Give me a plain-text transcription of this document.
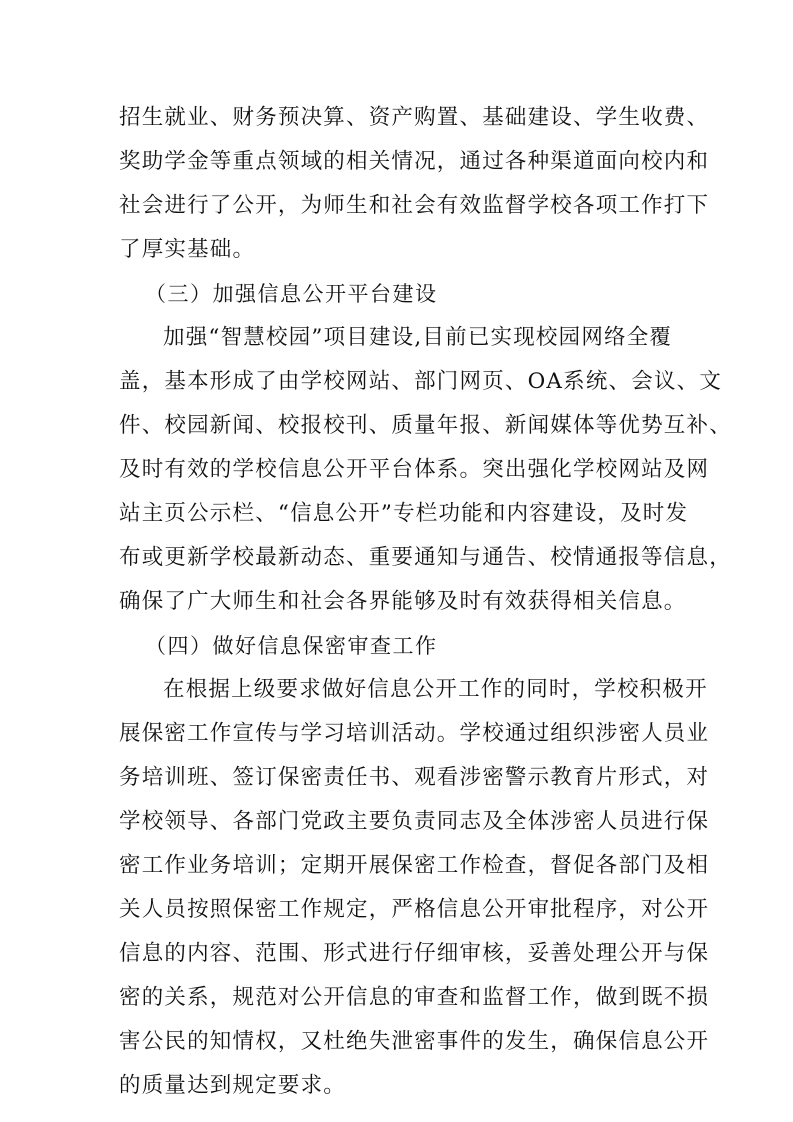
招生就业、财务预决算、资产购置、基础建设、学生收费、
奖助学金等重点领域的相关情况，通过各种渠道面向校内和
社会进行了公开，为师生和社会有效监督学校各项工作打下
了厚实基础。
（三）加强信息公开平台建设
加强“智慧校园”项目建设,目前已实现校园网络全覆
盖，基本形成了由学校网站、部门网页、OA系统、会议、文
件、校园新闻、校报校刊、质量年报、新闻媒体等优势互补、
及时有效的学校信息公开平台体系。突出强化学校网站及网
站主页公示栏、“信息公开”专栏功能和内容建设，及时发
布或更新学校最新动态、重要通知与通告、校情通报等信息，
确保了广大师生和社会各界能够及时有效获得相关信息。
（四）做好信息保密审查工作
在根据上级要求做好信息公开工作的同时，学校积极开
展保密工作宣传与学习培训活动。学校通过组织涉密人员业
务培训班、签订保密责任书、观看涉密警示教育片形式，对
学校领导、各部门党政主要负责同志及全体涉密人员进行保
密工作业务培训；定期开展保密工作检查，督促各部门及相
关人员按照保密工作规定，严格信息公开审批程序，对公开
信息的内容、范围、形式进行仔细审核，妥善处理公开与保
密的关系，规范对公开信息的审查和监督工作，做到既不损
害公民的知情权，又杜绝失泄密事件的发生，确保信息公开
的质量达到规定要求。
